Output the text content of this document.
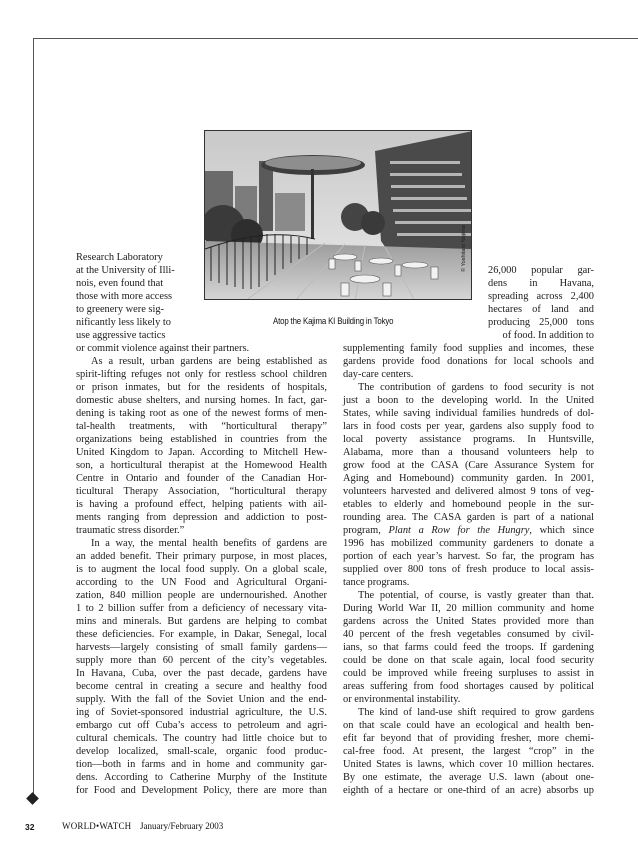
© Yoshitaro Nojima
Atop the Kajima KI Building in Tokyo
Research Laboratory
at the University of Illi-
nois, even found that
those with more access
to greenery were sig-
nificantly less likely to
use aggressive tactics
26,000 popular gar-
dens in Havana,
spreading across 2,400
hectares of land and
producing 25,000 tons
of food. In addition to
or commit violence against their partners.
As a result, urban gardens are being established as
spirit-lifting refuges not only for restless school children
or prison inmates, but for the residents of hospitals,
domestic abuse shelters, and nursing homes. In fact, gar-
dening is taking root as one of the newest forms of men-
tal-health treatments, with “horticultural therapy”
organizations being established in countries from the
United Kingdom to Japan. According to Mitchell Hew-
son, a horticultural therapist at the Homewood Health
Centre in Ontario and founder of the Canadian Hor-
ticultural Therapy Association, “horticultural therapy
is having a profound effect, helping patients with ail-
ments ranging from depression and addiction to post-
traumatic stress disorder.”
In a way, the mental health benefits of gardens are
an added benefit. Their primary purpose, in most places,
is to augment the local food supply. On a global scale,
according to the UN Food and Agricultural Organi-
zation, 840 million people are undernourished. Another
1 to 2 billion suffer from a deficiency of necessary vita-
mins and minerals. But gardens are helping to combat
these deficiencies. For example, in Dakar, Senegal, local
harvests—largely consisting of small family gardens—
supply more than 60 percent of the city’s vegetables.
In Havana, Cuba, over the past decade, gardens have
become central in creating a secure and healthy food
supply. With the fall of the Soviet Union and the end-
ing of Soviet-sponsored industrial agriculture, the U.S.
embargo cut off Cuba’s access to petroleum and agri-
cultural chemicals. The country had little choice but to
develop localized, small-scale, organic food produc-
tion—both in farms and in home and community gar-
dens. According to Catherine Murphy of the Institute
for Food and Development Policy, there are more than
supplementing family food supplies and incomes, these
gardens provide food donations for local schools and
day-care centers.
The contribution of gardens to food security is not
just a boon to the developing world. In the United
States, while saving individual families hundreds of dol-
lars in food costs per year, gardens also supply food to
local poverty assistance programs. In Huntsville,
Alabama, more than a thousand volunteers help to
grow food at the CASA (Care Assurance System for
Aging and Homebound) community garden. In 2001,
volunteers harvested and delivered almost 9 tons of veg-
etables to elderly and homebound people in the sur-
rounding area. The CASA garden is part of a national
program, Plant a Row for the Hungry, which since
1996 has mobilized community gardeners to donate a
portion of each year’s harvest. So far, the program has
supplied over 800 tons of fresh produce to local assis-
tance programs.
The potential, of course, is vastly greater than that.
During World War II, 20 million community and home
gardens across the United States provided more than
40 percent of the fresh vegetables consumed by civil-
ians, so that farms could feed the troops. If gardening
could be done on that scale again, local food security
could be improved while freeing surpluses to assist in
areas suffering from food shortages caused by political
or environmental instability.
The kind of land-use shift required to grow gardens
on that scale could have an ecological and health ben-
efit far beyond that of providing fresher, more chemi-
cal-free food. At present, the largest “crop” in the
United States is lawns, which cover 10 million hectares.
By one estimate, the average U.S. lawn (about one-
eighth of a hectare or one-third of an acre) absorbs up
32	WORLD•WATCH January/February 2003
